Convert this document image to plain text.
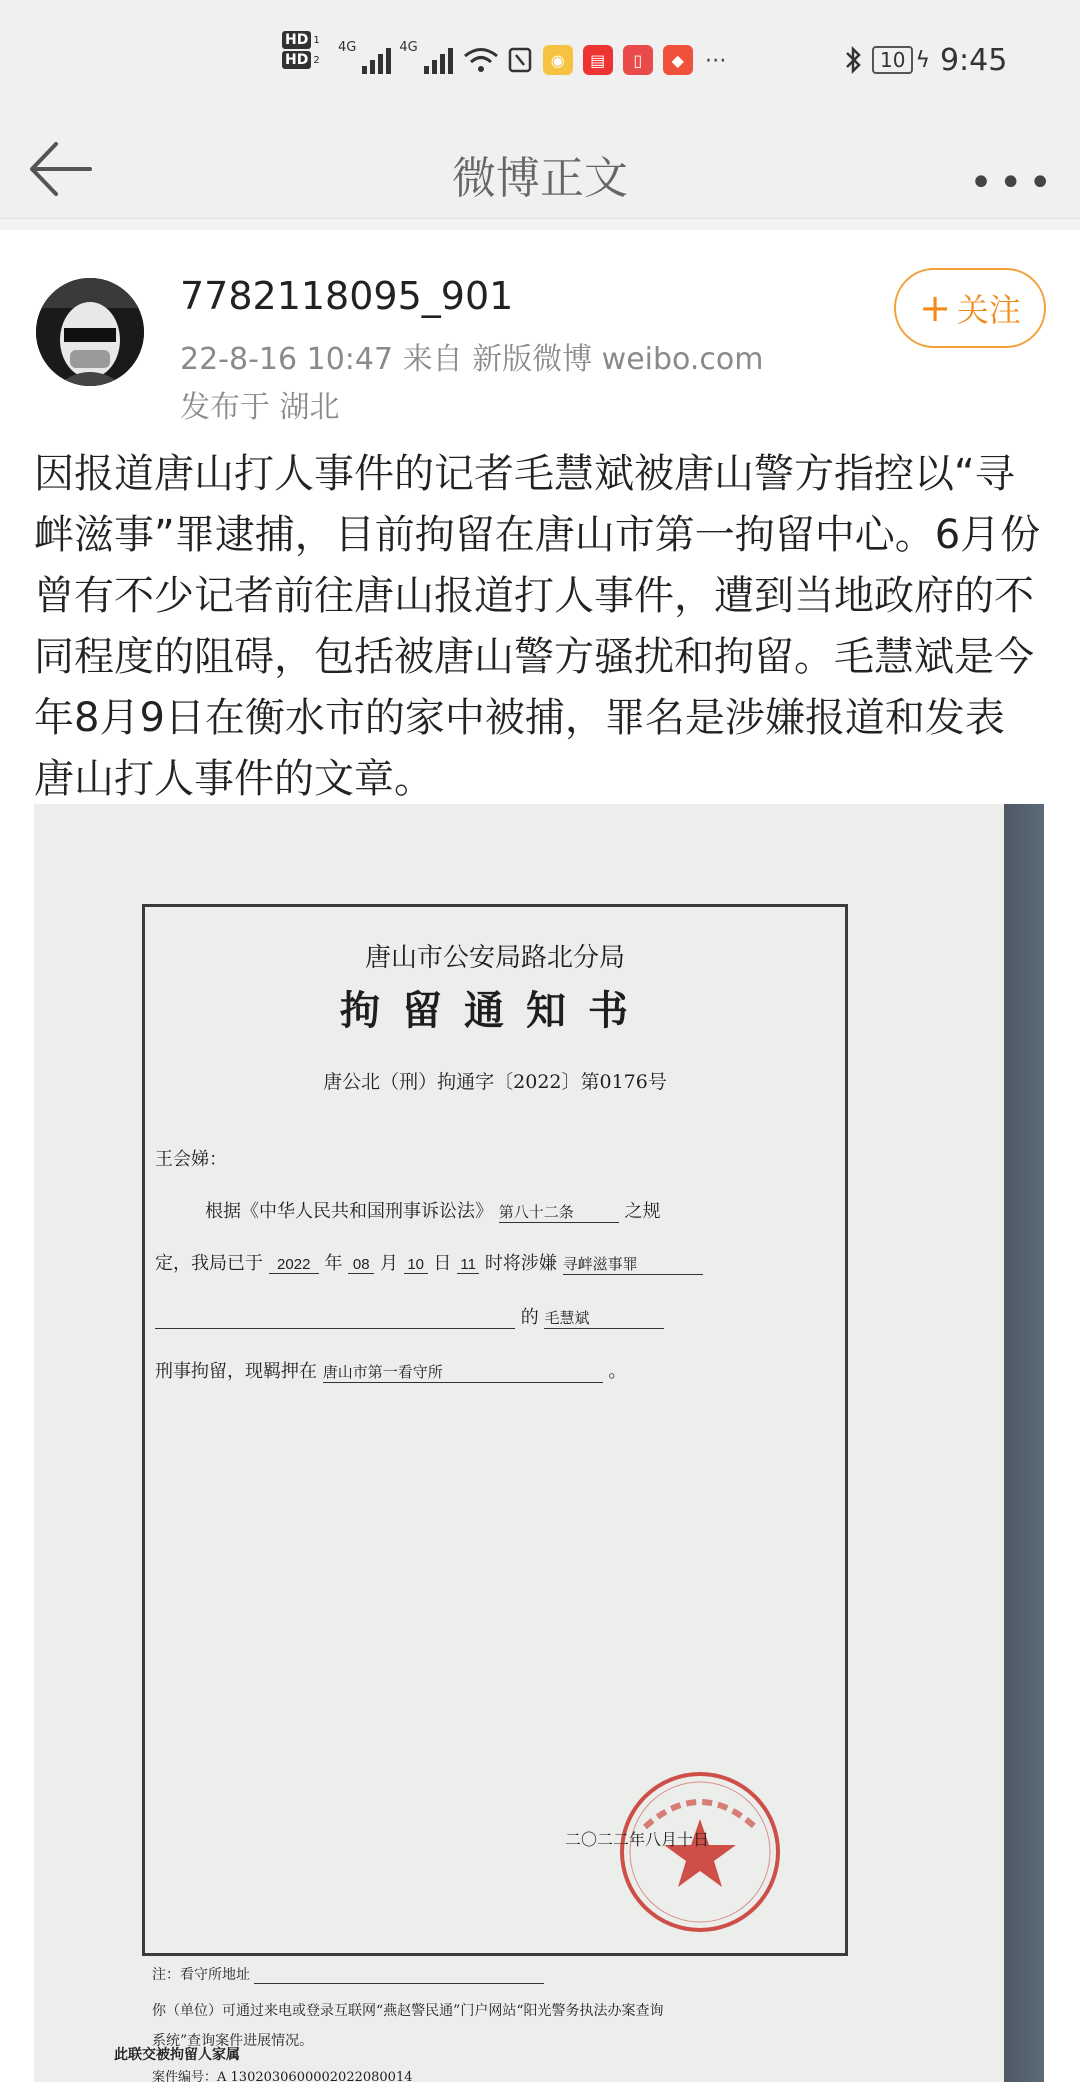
HD 1
HD 2
4G	4G
◉	▤	▯	◆ ⋯	10 ϟ 9:45
微博正文	•••
7782118095_901
22-8-16 10:47 来自 新版微博 weibo.com
发布于 湖北
+ 关注
因报道唐山打人事件的记者毛慧斌被唐山警方指控以“寻衅滋事”罪逮捕，目前拘留在唐山市第一拘留中心。6月份曾有不少记者前往唐山报道打人事件，遭到当地政府的不同程度的阻碍，包括被唐山警方骚扰和拘留。毛慧斌是今年8月9日在衡水市的家中被捕，罪名是涉嫌报道和发表唐山打人事件的文章。
唐山市公安局路北分局
拘留通知书
唐公北（刑）拘通字〔2022〕第0176号
王会娣：
根据《中华人民共和国刑事诉讼法》 第八十二条	之规
定，我局已于 2022 年 08 月 10 日 11 时将涉嫌 寻衅滋事罪
的 毛慧斌
刑事拘留，现羁押在 唐山市第一看守所	。
二〇二二年八月十日
注：看守所地址
你（单位）可通过来电或登录互联网“燕赵警民通”门户网站“阳光警务执法办案查询
系统”查询案件进展情况。
案件编号：A 1302030600002022080014
此联交被拘留人家属
